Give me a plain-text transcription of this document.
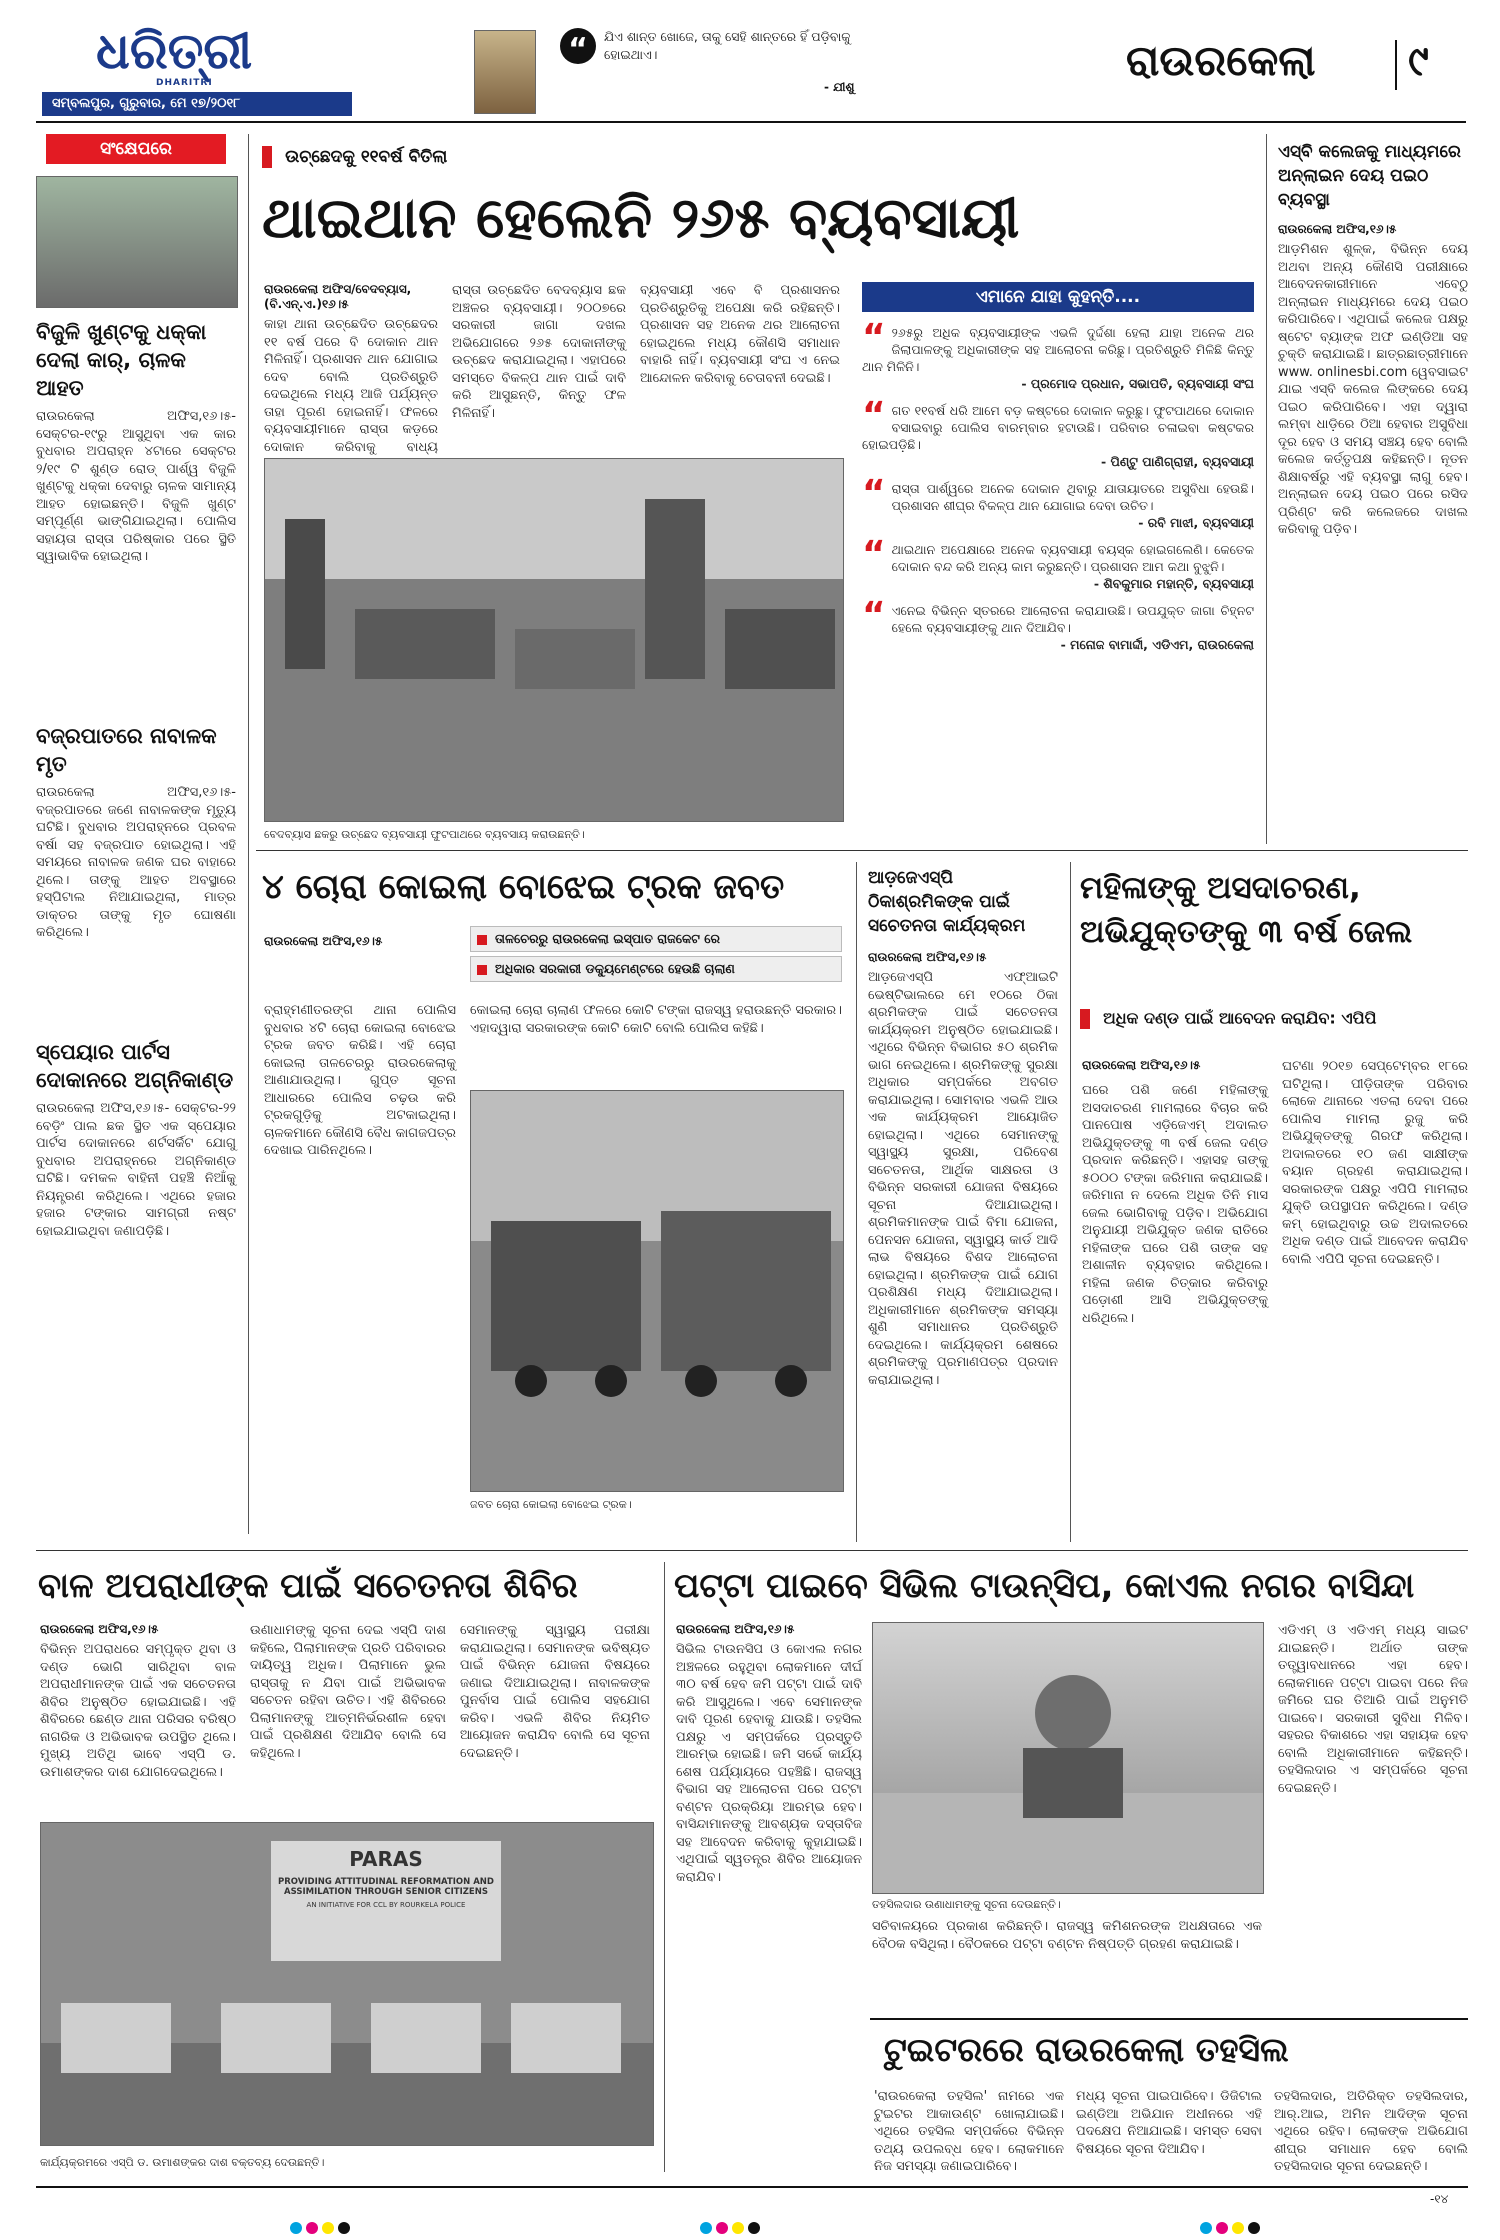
ଧରିତ୍ରୀ
DHARITRI
ସମ୍ବଲପୁର, ଗୁରୁବାର, ମେ ୧୭/୨୦୧୮
“	ଯିଏ ଶାନ୍ତ ଖୋଜେ, ତାକୁ ସେହି ଶାନ୍ତରେ ହିଁ ପଡ଼ିବାକୁ ହୋଇଥାଏ।
- ଯୀଶୁ
ରାଉରକେଲା ୯
ସଂକ୍ଷେପରେ
ବିଜୁଳି ଖୁଣ୍ଟକୁ ଧକ୍କା ଦେଲା କାର୍, ଚାଳକ ଆହତ
ରାଉରକେଲା ଅଫିସ,୧୬।୫- ସେକ୍ଟର-୧୯ରୁ ଆସୁଥିବା ଏକ କାର ବୁଧବାର ଅପରାହ୍ନ ୪ଟାରେ ସେକ୍ଟର ୨/୧୯ ଟି ଶୁଣ୍ଡ ରୋଡ୍ ପାର୍ଶ୍ୱ ବିଜୁଳି ଖୁଣ୍ଟକୁ ଧକ୍କା ଦେବାରୁ ଚାଳକ ସାମାନ୍ୟ ଆହତ ହୋଇଛନ୍ତି। ବିଜୁଳି ଖୁଣ୍ଟ ସମ୍ପୂର୍ଣ୍ଣ ଭାଙ୍ଗିଯାଇଥିଲା। ପୋଲିସ ସହାୟତା ରାସ୍ତା ପରିଷ୍କାର ପରେ ସ୍ଥିତି ସ୍ୱାଭାବିକ ହୋଇଥିଲା।
ବଜ୍ରପାତରେ ନାବାଳକ ମୃତ
ରାଉରକେଲା ଅଫିସ,୧୬।୫- ବଜ୍ରପାତରେ ଜଣେ ନାବାଳକଙ୍କ ମୃତ୍ୟୁ ଘଟିଛି। ବୁଧବାର ଅପରାହ୍ନରେ ପ୍ରବଳ ବର୍ଷା ସହ ବଜ୍ରପାତ ହୋଇଥିଲା। ଏହି ସମୟରେ ନାବାଳକ ଜଣକ ଘର ବାହାରେ ଥିଲେ। ତାଙ୍କୁ ଆହତ ଅବସ୍ଥାରେ ହସ୍ପିଟାଲ ନିଆଯାଇଥିଲା, ମାତ୍ର ଡାକ୍ତର ତାଙ୍କୁ ମୃତ ଘୋଷଣା କରିଥିଲେ।
ସ୍ପେୟାର ପାର୍ଟସ ଦୋକାନରେ ଅଗ୍ନିକାଣ୍ଡ
ରାଉରକେଲା ଅଫିସ,୧୬।୫- ସେକ୍ଟର-୨୨ ବେଡ଼ିଂ ପାଲ ଛକ ସ୍ଥିତ ଏକ ସ୍ପେୟାର ପାର୍ଟସ ଦୋକାନରେ ଶର୍ଟସର୍କିଟ ଯୋଗୁ ବୁଧବାର ଅପରାହ୍ନରେ ଅଗ୍ନିକାଣ୍ଡ ଘଟିଛି। ଦମକଳ ବାହିନୀ ପହଞ୍ଚି ନିଆଁକୁ ନିୟନ୍ତ୍ରଣ କରିଥିଲେ। ଏଥିରେ ହଜାର ହଜାର ଟଙ୍କାର ସାମଗ୍ରୀ ନଷ୍ଟ ହୋଇଯାଇଥିବା ଜଣାପଡ଼ିଛି।
ଉଚ୍ଛେଦକୁ ୧୧ବର୍ଷ ବିତିଲା
ଥାଇଥାନ ହେଲେନି ୨୬୫ ବ୍ୟବସାୟୀ
ରାଉରକେଲା ଅଫିସ/ବେଦବ୍ୟାସ, (ବି.ଏନ୍.ଏ.)୧୬।୫
କାହା ଥାନା ଉଚ୍ଛେଦିତ ଉଚ୍ଛେଦର ୧୧ ବର୍ଷ ପରେ ବି ଦୋକାନ ଥାନ ମିଳିନାହିଁ। ପ୍ରଶାସନ ଥାନ ଯୋଗାଇ ଦେବ ବୋଲି ପ୍ରତିଶ୍ରୁତି ଦେଇଥିଲେ ମଧ୍ୟ ଆଜି ପର୍ଯ୍ୟନ୍ତ ତାହା ପୂରଣ ହୋଇନାହିଁ। ଫଳରେ ବ୍ୟବସାୟୀମାନେ ରାସ୍ତା କଡ଼ରେ ଦୋକାନ କରିବାକୁ ବାଧ୍ୟ
ରାସ୍ତା ଉଚ୍ଛେଦିତ ବେଦବ୍ୟାସ ଛକ ଅଞ୍ଚଳର ବ୍ୟବସାୟୀ। ୨୦୦୭ରେ ସରକାରୀ ଜାଗା ଦଖଲ ଅଭିଯୋଗରେ ୨୬୫ ଦୋକାନୀଙ୍କୁ ଉଚ୍ଛେଦ କରାଯାଇଥିଲା। ଏହାପରେ ସମସ୍ତେ ବିକଳ୍ପ ଥାନ ପାଇଁ ଦାବି କରି ଆସୁଛନ୍ତି, କିନ୍ତୁ ଫଳ ମିଳିନାହିଁ।
ବ୍ୟବସାୟୀ ଏବେ ବି ପ୍ରଶାସନର ପ୍ରତିଶ୍ରୁତିକୁ ଅପେକ୍ଷା କରି ରହିଛନ୍ତି। ପ୍ରଶାସନ ସହ ଅନେକ ଥର ଆଲୋଚନା ହୋଇଥିଲେ ମଧ୍ୟ କୌଣସି ସମାଧାନ ବାହାରି ନାହିଁ। ବ୍ୟବସାୟୀ ସଂଘ ଏ ନେଇ ଆନ୍ଦୋଳନ କରିବାକୁ ଚେତାବନୀ ଦେଇଛି।
ବେଦବ୍ୟାସ ଛକରୁ ଉଚ୍ଛେଦ ବ୍ୟବସାୟୀ ଫୁଟପାଥରେ ବ୍ୟବସାୟ କରାଉଛନ୍ତି।
ଏମାନେ ଯାହା କୁହନ୍ତି....
“ ୨୬୫ରୁ ଅଧିକ ବ୍ୟବସାୟୀଙ୍କ ଏଭଳି ଦୁର୍ଦ୍ଦଶା ହେଲା ଯାହା ଅନେକ ଥର ଜିଲାପାଳଙ୍କୁ ଅଧିକାରୀଙ୍କ ସହ ଆଲୋଚନା କରିଛୁ। ପ୍ରତିଶ୍ରୁତି ମିଳିଛି କିନ୍ତୁ ଥାନ ମିଳିନି।
- ପ୍ରମୋଦ ପ୍ରଧାନ, ସଭାପତି, ବ୍ୟବସାୟୀ ସଂଘ
“ ଗତ ୧୧ବର୍ଷ ଧରି ଆମେ ବଡ଼ କଷ୍ଟରେ ଦୋକାନ କରୁଛୁ। ଫୁଟପାଥରେ ଦୋକାନ ବସାଇବାରୁ ପୋଲିସ ବାରମ୍ବାର ହଟାଉଛି। ପରିବାର ଚଳାଇବା କଷ୍ଟକର ହୋଇପଡ଼ିଛି।
- ପିଣ୍ଟୁ ପାଣିଗ୍ରାହୀ, ବ୍ୟବସାୟୀ
“ ରାସ୍ତା ପାର୍ଶ୍ୱରେ ଅନେକ ଦୋକାନ ଥିବାରୁ ଯାତାୟାତରେ ଅସୁବିଧା ହେଉଛି। ପ୍ରଶାସନ ଶୀଘ୍ର ବିକଳ୍ପ ଥାନ ଯୋଗାଇ ଦେବା ଉଚିତ।
- ରବି ମାଝୀ, ବ୍ୟବସାୟୀ
“ ଥାଇଥାନ ଅପେକ୍ଷାରେ ଅନେକ ବ୍ୟବସାୟୀ ବୟସ୍କ ହୋଇଗଲେଣି। କେତେକ ଦୋକାନ ବନ୍ଦ କରି ଅନ୍ୟ କାମ କରୁଛନ୍ତି। ପ୍ରଶାସନ ଆମ କଥା ବୁଝୁନି।
- ଶିବକୁମାର ମହାନ୍ତି, ବ୍ୟବସାୟୀ
“ ଏନେଇ ବିଭିନ୍ନ ସ୍ତରରେ ଆଲୋଚନା କରାଯାଉଛି। ଉପଯୁକ୍ତ ଜାଗା ଚିହ୍ନଟ ହେଲେ ବ୍ୟବସାୟୀଙ୍କୁ ଥାନ ଦିଆଯିବ।
- ମନୋଜ ବାମାର୍ଦ୍ଦୀ, ଏଡିଏମ, ରାଉରକେଲା
ଏସ୍‌ବି କଲେଜକୁ ମାଧ୍ୟମରେ ଅନ୍‌ଲାଇନ ଦେୟ ପଇଠ ବ୍ୟବସ୍ଥା
ରାଉରକେଲା ଅଫିସ,୧୬।୫
ଆଡ଼ମିଶନ ଶୁଳ୍କ, ବିଭିନ୍ନ ଦେୟ ଅଥବା ଅନ୍ୟ କୌଣସି ପରୀକ୍ଷାରେ ଆବେଦନକାରୀମାନେ ଏବେଠୁ ଅନ୍‌ଲାଇନ ମାଧ୍ୟମରେ ଦେୟ ପଇଠ କରିପାରିବେ। ଏଥିପାଇଁ କଲେଜ ପକ୍ଷରୁ ଷ୍ଟେଟ ବ୍ୟାଙ୍କ ଅଫ ଇଣ୍ଡିଆ ସହ ଚୁକ୍ତି କରାଯାଇଛି। ଛାତ୍ରଛାତ୍ରୀମାନେ www. onlinesbi.com ୱେବସାଇଟ ଯାଇ ଏସ୍‌ବି କଲେଜ ଲିଙ୍କରେ ଦେୟ ପଇଠ କରିପାରିବେ। ଏହା ଦ୍ୱାରା ଲମ୍ବା ଧାଡ଼ିରେ ଠିଆ ହେବାର ଅସୁବିଧା ଦୂର ହେବ ଓ ସମୟ ସଞ୍ଚୟ ହେବ ବୋଲି କଲେଜ କର୍ତ୍ତୃପକ୍ଷ କହିଛନ୍ତି। ନୂତନ ଶିକ୍ଷାବର୍ଷରୁ ଏହି ବ୍ୟବସ୍ଥା ଲାଗୁ ହେବ। ଅନ୍‌ଲାଇନ ଦେୟ ପଇଠ ପରେ ରସିଦ ପ୍ରିଣ୍ଟ କରି କଲେଜରେ ଦାଖଲ କରିବାକୁ ପଡ଼ିବ।
୪ ଚୋରା କୋଇଲା ବୋଝେଇ ଟ୍ରକ ଜବତ
ରାଉରକେଲା ଅଫିସ,୧୬।୫	ତାଳଚେରରୁ ରାଉରକେଲା ଇସ୍ପାତ ରାଜକେଟ ରେ
ଅଧିକାର ସରକାରୀ ଡକ୍ୟୁମେଣ୍ଟରେ ହେଉଛି ଚାଲାଣ
ବ୍ରାହ୍ମଣୀତରଙ୍ଗ ଥାନା ପୋଲିସ ବୁଧବାର ୪ଟି ଚୋରା କୋଇଲା ବୋଝେଇ ଟ୍ରକ ଜବତ କରିଛି। ଏହି ଚୋରା କୋଇଲା ତାଳଚେରରୁ ରାଉରକେଲାକୁ ଆଣାଯାଉଥିଲା। ଗୁପ୍ତ ସୂଚନା ଆଧାରରେ ପୋଲିସ ଚଢ଼ଉ କରି ଟ୍ରକଗୁଡ଼ିକୁ ଅଟକାଇଥିଲା। ଚାଳକମାନେ କୌଣସି ବୈଧ କାଗଜପତ୍ର ଦେଖାଇ ପାରିନଥିଲେ।
କୋଇଲା ଚୋରା ଚାଲାଣ ଫଳରେ କୋଟି ଟଙ୍କା ରାଜସ୍ୱ ହରାଉଛନ୍ତି ସରକାର। ଏହାଦ୍ୱାରା ସରକାରଙ୍କ କୋଟି କୋଟି ବୋଲି ପୋଲିସ କହିଛି।
ଜବତ ଚୋରା କୋଇଲା ବୋଝେଇ ଟ୍ରକ।
ଆଡ଼ଜେଏସ୍‌ପି ଠିକାଶ୍ରମିକଙ୍କ ପାଇଁ ସଚେତନତା କାର୍ଯ୍ୟକ୍ରମ
ରାଉରକେଲା ଅଫିସ,୧୬।୫
ଆଡ଼ଜେଏସ୍‌ପି ଏଫ୍‌ଆଇଟି ଭେଷ୍ଟିଭାଲରେ ମେ ୧୦ରେ ଠିକା ଶ୍ରମିକଙ୍କ ପାଇଁ ସଚେତନତା କାର୍ଯ୍ୟକ୍ରମ ଅନୁଷ୍ଠିତ ହୋଇଯାଇଛି। ଏଥିରେ ବିଭିନ୍ନ ବିଭାଗର ୫୦ ଶ୍ରମିକ ଭାଗ ନେଇଥିଲେ। ଶ୍ରମିକଙ୍କୁ ସୁରକ୍ଷା ଅଧିକାର ସମ୍ପର୍କରେ ଅବଗତ କରାଯାଇଥିଲା। ସୋମବାର ଏଭଳି ଆଉ ଏକ କାର୍ଯ୍ୟକ୍ରମ ଆୟୋଜିତ ହୋଇଥିଲା। ଏଥିରେ ସେମାନଙ୍କୁ ସ୍ୱାସ୍ଥ୍ୟ ସୁରକ୍ଷା, ପରିବେଶ ସଚେତନତା, ଆର୍ଥିକ ସାକ୍ଷରତା ଓ ବିଭିନ୍ନ ସରକାରୀ ଯୋଜନା ବିଷୟରେ ସୂଚନା ଦିଆଯାଇଥିଲା। ଶ୍ରମିକମାନଙ୍କ ପାଇଁ ବିମା ଯୋଜନା, ପେନସନ ଯୋଜନା, ସ୍ୱାସ୍ଥ୍ୟ କାର୍ଡ ଆଦି ଲାଭ ବିଷୟରେ ବିଶଦ ଆଲୋଚନା ହୋଇଥିଲା। ଶ୍ରମିକଙ୍କ ପାଇଁ ଯୋଗ ପ୍ରଶିକ୍ଷଣ ମଧ୍ୟ ଦିଆଯାଇଥିଲା। ଅଧିକାରୀମାନେ ଶ୍ରମିକଙ୍କ ସମସ୍ୟା ଶୁଣି ସମାଧାନର ପ୍ରତିଶ୍ରୁତି ଦେଇଥିଲେ। କାର୍ଯ୍ୟକ୍ରମ ଶେଷରେ ଶ୍ରମିକଙ୍କୁ ପ୍ରମାଣପତ୍ର ପ୍ରଦାନ କରାଯାଇଥିଲା।
ମହିଳାଙ୍କୁ ଅସଦାଚରଣ, ଅଭିଯୁକ୍ତଙ୍କୁ ୩ ବର୍ଷ ଜେଲ
ଅଧିକ ଦଣ୍ଡ ପାଇଁ ଆବେଦନ କରାଯିବ: ଏପିପି
ରାଉରକେଲା ଅଫିସ,୧୬।୫
ଘରେ ପଶି ଜଣେ ମହିଳାଙ୍କୁ ଅସଦାଚରଣ ମାମଲାରେ ବିଚାର କରି ପାନପୋଷ ଏଡ଼ିଜେଏମ୍ ଅଦାଲତ ଅଭିଯୁକ୍ତଙ୍କୁ ୩ ବର୍ଷ ଜେଲ ଦଣ୍ଡ ପ୍ରଦାନ କରିଛନ୍ତି। ଏହାସହ ତାଙ୍କୁ ୫୦୦୦ ଟଙ୍କା ଜରିମାନା କରାଯାଇଛି। ଜରିମାନା ନ ଦେଲେ ଅଧିକ ତିନି ମାସ ଜେଲ ଭୋଗିବାକୁ ପଡ଼ିବ। ଅଭିଯୋଗ ଅନୁଯାୟୀ ଅଭିଯୁକ୍ତ ଜଣକ ରାତିରେ ମହିଳାଙ୍କ ଘରେ ପଶି ତାଙ୍କ ସହ ଅଶାଳୀନ ବ୍ୟବହାର କରିଥିଲେ। ମହିଳା ଜଣକ ଚିତ୍କାର କରିବାରୁ ପଡ଼ୋଶୀ ଆସି ଅଭିଯୁକ୍ତଙ୍କୁ ଧରିଥିଲେ।
ଘଟଣା ୨୦୧୭ ସେପ୍ଟେମ୍ବର ୧୮ରେ ଘଟିଥିଲା। ପୀଡ଼ିତାଙ୍କ ପରିବାର ଲୋକେ ଥାନାରେ ଏତଲା ଦେବା ପରେ ପୋଲିସ ମାମଲା ରୁଜୁ କରି ଅଭିଯୁକ୍ତଙ୍କୁ ଗିରଫ କରିଥିଲା। ଅଦାଲତରେ ୧୦ ଜଣ ସାକ୍ଷୀଙ୍କ ବୟାନ ଗ୍ରହଣ କରାଯାଇଥିଲା। ସରକାରଙ୍କ ପକ୍ଷରୁ ଏପିପି ମାମଲାର ଯୁକ୍ତି ଉପସ୍ଥାପନ କରିଥିଲେ। ଦଣ୍ଡ କମ୍ ହୋଇଥିବାରୁ ଉଚ୍ଚ ଅଦାଲତରେ ଅଧିକ ଦଣ୍ଡ ପାଇଁ ଆବେଦନ କରାଯିବ ବୋଲି ଏପିପି ସୂଚନା ଦେଇଛନ୍ତି।
ବାଳ ଅପରାଧୀଙ୍କ ପାଇଁ ସଚେତନତା ଶିବିର
ରାଉରକେଲା ଅଫିସ,୧୬।୫
ବିଭିନ୍ନ ଅପରାଧରେ ସମ୍ପୃକ୍ତ ଥିବା ଓ ଦଣ୍ଡ ଭୋଗି ସାରିଥିବା ବାଳ ଅପରାଧୀମାନଙ୍କ ପାଇଁ ଏକ ସଚେତନତା ଶିବିର ଅନୁଷ୍ଠିତ ହୋଇଯାଇଛି। ଏହି ଶିବିରରେ ଛେଣ୍ଡ ଥାନା ପରିସର ବରିଷ୍ଠ ନାଗରିକ ଓ ଅଭିଭାବକ ଉପସ୍ଥିତ ଥିଲେ। ମୁଖ୍ୟ ଅତିଥି ଭାବେ ଏସ୍‌ପି ଡ. ଉମାଶଙ୍କର ଦାଶ ଯୋଗଦେଇଥିଲେ।
ଉଣାଧାମଙ୍କୁ ସୂଚନା ଦେଇ ଏସ୍‌ପି ଦାଶ କହିଲେ, ପିଲାମାନଙ୍କ ପ୍ରତି ପରିବାରର ଦାୟିତ୍ୱ ଅଧିକ। ପିଲାମାନେ ଭୁଲ ରାସ୍ତାକୁ ନ ଯିବା ପାଇଁ ଅଭିଭାବକ ସଚେତନ ରହିବା ଉଚିତ। ଏହି ଶିବିରରେ ପିଲାମାନଙ୍କୁ ଆତ୍ମନିର୍ଭରଶୀଳ ହେବା ପାଇଁ ପ୍ରଶିକ୍ଷଣ ଦିଆଯିବ ବୋଲି ସେ କହିଥିଲେ।
ସେମାନଙ୍କୁ ସ୍ୱାସ୍ଥ୍ୟ ପରୀକ୍ଷା କରାଯାଇଥିଲା। ସେମାନଙ୍କ ଭବିଷ୍ୟତ ପାଇଁ ବିଭିନ୍ନ ଯୋଜନା ବିଷୟରେ ଜଣାଇ ଦିଆଯାଇଥିଲା। ନାବାଳକଙ୍କ ପୁନର୍ବାସ ପାଇଁ ପୋଲିସ ସହଯୋଗ କରିବ। ଏଭଳି ଶିବିର ନିୟମିତ ଆୟୋଜନ କରାଯିବ ବୋଲି ସେ ସୂଚନା ଦେଇଛନ୍ତି।
PARAS
PROVIDING ATTITUDINAL REFORMATION AND
ASSIMILATION THROUGH SENIOR CITIZENS
AN INITIATIVE FOR CCL BY ROURKELA POLICE
କାର୍ଯ୍ୟକ୍ରମରେ ଏସ୍‌ପି ଡ. ଉମାଶଙ୍କର ଦାଶ ବକ୍ତବ୍ୟ ଦେଉଛନ୍ତି।
ପଟ୍ଟା ପାଇବେ ସିଭିଲ ଟାଉନ୍‌ସିପ, କୋଏଲ ନଗର ବାସିନ୍ଦା
ରାଉରକେଲା ଅଫିସ,୧୬।୫
ସିଭିଲ ଟାଉନସିପ ଓ କୋଏଲ ନଗର ଅଞ୍ଚଳରେ ରହୁଥିବା ଲୋକମାନେ ଦୀର୍ଘ ୩୦ ବର୍ଷ ହେବ ଜମି ପଟ୍ଟା ପାଇଁ ଦାବି କରି ଆସୁଥିଲେ। ଏବେ ସେମାନଙ୍କ ଦାବି ପୂରଣ ହେବାକୁ ଯାଉଛି। ତହସିଲ ପକ୍ଷରୁ ଏ ସମ୍ପର୍କରେ ପ୍ରସ୍ତୁତି ଆରମ୍ଭ ହୋଇଛି। ଜମି ସର୍ଭେ କାର୍ଯ୍ୟ ଶେଷ ପର୍ଯ୍ୟାୟରେ ପହଞ୍ଚିଛି। ରାଜସ୍ୱ ବିଭାଗ ସହ ଆଲୋଚନା ପରେ ପଟ୍ଟା ବଣ୍ଟନ ପ୍ରକ୍ରିୟା ଆରମ୍ଭ ହେବ। ବାସିନ୍ଦାମାନଙ୍କୁ ଆବଶ୍ୟକ ଦସ୍ତାବିଜ ସହ ଆବେଦନ କରିବାକୁ କୁହାଯାଇଛି। ଏଥିପାଇଁ ସ୍ୱତନ୍ତ୍ର ଶିବିର ଆୟୋଜନ କରାଯିବ।
ତହସିଲଦାର ଉଣାଧାମଙ୍କୁ ସୂଚନା ଦେଉଛନ୍ତି।
ସଚିବାଳୟରେ ପ୍ରକାଶ କରିଛନ୍ତି। ରାଜସ୍ୱ କମିଶନରଙ୍କ ଅଧକ୍ଷତାରେ ଏକ ବୈଠକ ବସିଥିଲା। ବୈଠକରେ ପଟ୍ଟା ବଣ୍ଟନ ନିଷ୍ପତ୍ତି ଗ୍ରହଣ କରାଯାଇଛି।
ଏଡିଏମ୍ ଓ ଏଡିଏମ୍ ମଧ୍ୟ ସାଇଟ ଯାଇଛନ୍ତି। ଅର୍ଥାତ ତାଙ୍କ ତତ୍ତ୍ୱାବଧାନରେ ଏହା ହେବ। ଲୋକମାନେ ପଟ୍ଟା ପାଇବା ପରେ ନିଜ ଜମିରେ ଘର ତିଆରି ପାଇଁ ଅନୁମତି ପାଇବେ। ସରକାରୀ ସୁବିଧା ମିଳିବ। ସହରର ବିକାଶରେ ଏହା ସହାୟକ ହେବ ବୋଲି ଅଧିକାରୀମାନେ କହିଛନ୍ତି। ତହସିଲଦାର ଏ ସମ୍ପର୍କରେ ସୂଚନା ଦେଇଛନ୍ତି।
ଟୁଇଟରରେ ରାଉରକେଲା ତହସିଲ
'ରାଉରକେଲା ତହସିଲ' ନାମରେ ଏକ ଟୁଇଟର ଆକାଉଣ୍ଟ ଖୋଲାଯାଇଛି। ଏଥିରେ ତହସିଲ ସମ୍ପର୍କରେ ବିଭିନ୍ନ ତଥ୍ୟ ଉପଲବ୍ଧ ହେବ। ଲୋକମାନେ ନିଜ ସମସ୍ୟା ଜଣାଇପାରିବେ।
ମଧ୍ୟ ସୂଚନା ପାଇପାରିବେ। ଡିଜିଟାଲ ଇଣ୍ଡିଆ ଅଭିଯାନ ଅଧୀନରେ ଏହି ପଦକ୍ଷେପ ନିଆଯାଇଛି। ସମସ୍ତ ସେବା ବିଷୟରେ ସୂଚନା ଦିଆଯିବ।
ତହସିଲଦାର, ଅତିରିକ୍ତ ତହସିଲଦାର, ଆର୍.ଆଇ, ଅମିନ ଆଦିଙ୍କ ସୂଚନା ଏଥିରେ ରହିବ। ଲୋକଙ୍କ ଅଭିଯୋଗ ଶୀଘ୍ର ସମାଧାନ ହେବ ବୋଲି ତହସିଲଦାର ସୂଚନା ଦେଇଛନ୍ତି।
-୧୪
